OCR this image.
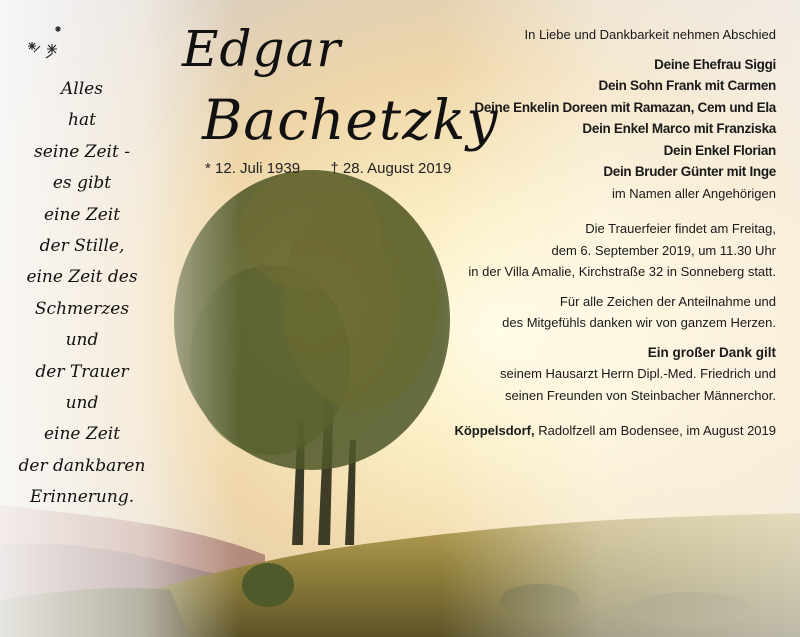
Alles
hat
seine Zeit -
es gibt
eine Zeit
der Stille,
eine Zeit des
Schmerzes
und
der Trauer
und
eine Zeit
der dankbaren
Erinnerung.
Edgar
Bachetzky
* 12. Juli 1939 † 28. August 2019
In Liebe und Dankbarkeit nehmen Abschied
Deine Ehefrau Siggi
Dein Sohn Frank mit Carmen
Deine Enkelin Doreen mit Ramazan, Cem und Ela
Dein Enkel Marco mit Franziska
Dein Enkel Florian
Dein Bruder Günter mit Inge
im Namen aller Angehörigen
Die Trauerfeier findet am Freitag,
dem 6. September 2019, um 11.30 Uhr
in der Villa Amalie, Kirchstraße 32 in Sonneberg statt.
Für alle Zeichen der Anteilnahme und
des Mitgefühls danken wir von ganzem Herzen.
Ein großer Dank gilt
seinem Hausarzt Herrn Dipl.-Med. Friedrich und
seinen Freunden von Steinbacher Männerchor.
Köppelsdorf, Radolfzell am Bodensee, im August 2019
